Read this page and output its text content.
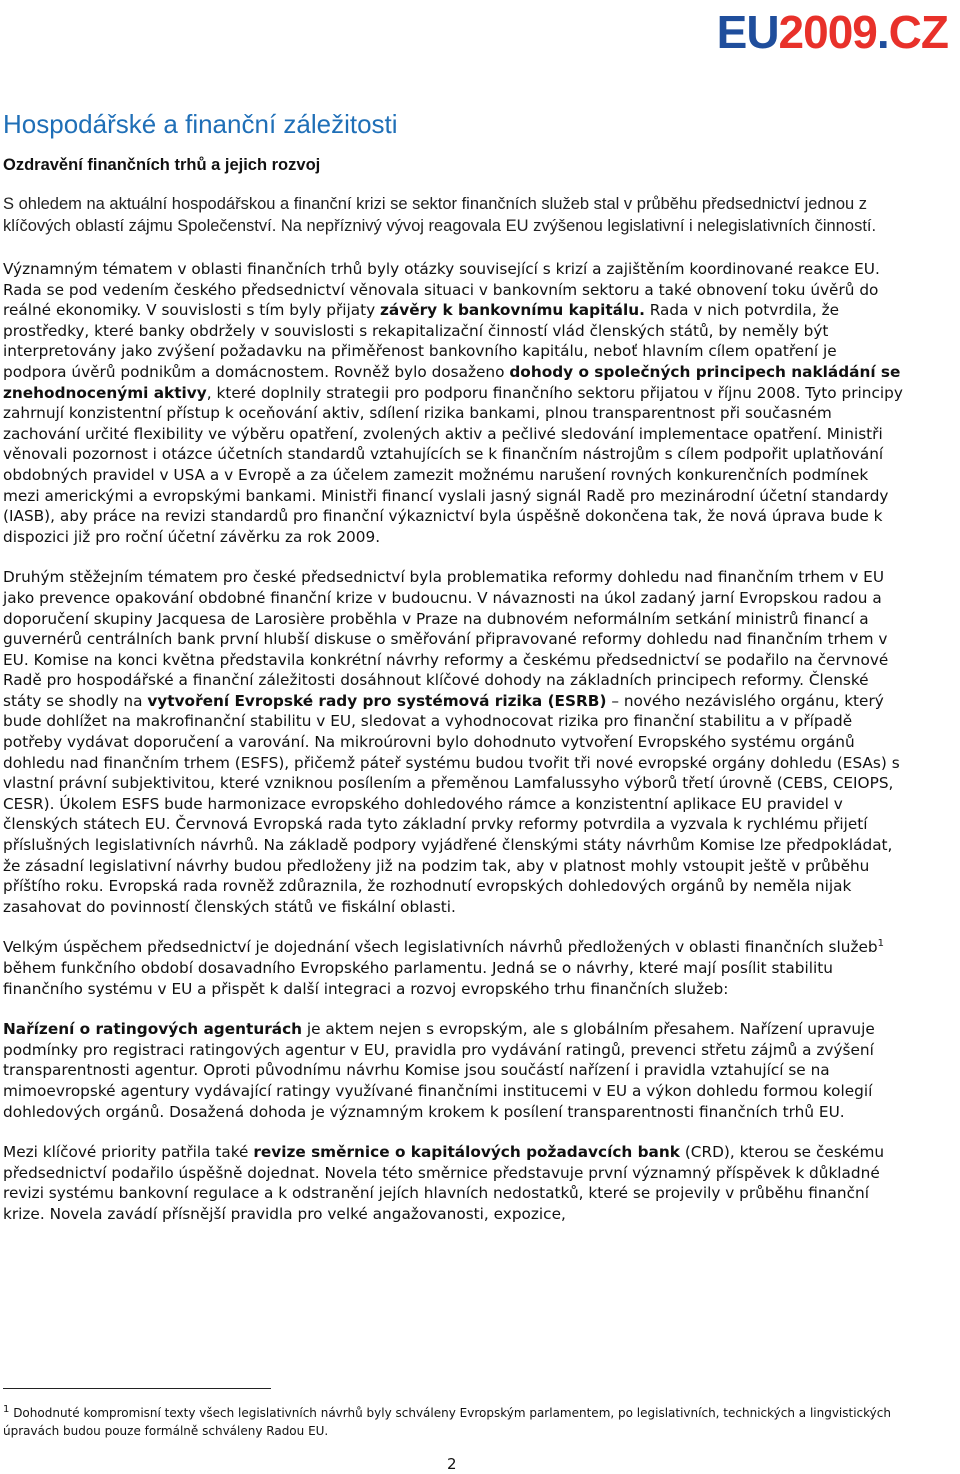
EU2009.CZ
Hospodářské a finanční záležitosti
Ozdravění finančních trhů a jejich rozvoj

S ohledem na aktuální hospodářskou a finanční krizi se sektor finančních služeb stal v průběhu předsednictví jednou z klíčových oblastí zájmu Společenství. Na nepříznivý vývoj reagovala EU zvýšenou legislativní i nelegislativních činností.

Významným tématem v oblasti finančních trhů byly otázky související s krizí a zajištěním koordinované reakce EU. Rada se pod vedením českého předsednictví věnovala situaci v bankovním sektoru a také obnovení toku úvěrů do reálné ekonomiky. V souvislosti s tím byly přijaty závěry k bankovnímu kapitálu. Rada v nich potvrdila, že prostředky, které banky obdržely v souvislosti s rekapitalizační činností vlád členských států, by neměly být interpretovány jako zvýšení požadavku na přiměřenost bankovního kapitálu, neboť hlavním cílem opatření je podpora úvěrů podnikům a domácnostem. Rovněž bylo dosaženo dohody o společných principech nakládání se znehodnocenými aktivy, které doplnily strategii pro podporu finančního sektoru přijatou v říjnu 2008. Tyto principy zahrnují konzistentní přístup k oceňování aktiv, sdílení rizika bankami, plnou transparentnost při současném zachování určité flexibility ve výběru opatření, zvolených aktiv a pečlivé sledování implementace opatření. Ministři věnovali pozornost i otázce účetních standardů vztahujících se k finančním nástrojům s cílem podpořit uplatňování obdobných pravidel v USA a v Evropě a za účelem zamezit možnému narušení rovných konkurenčních podmínek mezi americkými a evropskými bankami. Ministři financí vyslali jasný signál Radě pro mezinárodní účetní standardy (IASB), aby práce na revizi standardů pro finanční výkaznictví byla úspěšně dokončena tak, že nová úprava bude k dispozici již pro roční účetní závěrku za rok 2009.

Druhým stěžejním tématem pro české předsednictví byla problematika reformy dohledu nad finančním trhem v EU jako prevence opakování obdobné finanční krize v budoucnu. V návaznosti na úkol zadaný jarní Evropskou radou a doporučení skupiny Jacquesa de Larosière proběhla v Praze na dubnovém neformálním setkání ministrů financí a guvernérů centrálních bank první hlubší diskuse o směřování připravované reformy dohledu nad finančním trhem v EU. Komise na konci května představila konkrétní návrhy reformy a českému předsednictví se podařilo na červnové Radě pro hospodářské a finanční záležitosti dosáhnout klíčové dohody na základních principech reformy. Členské státy se shodly na vytvoření Evropské rady pro systémová rizika (ESRB) – nového nezávislého orgánu, který bude dohlížet na makrofinanční stabilitu v EU, sledovat a vyhodnocovat rizika pro finanční stabilitu a v případě potřeby vydávat doporučení a varování. Na mikroúrovni bylo dohodnuto vytvoření Evropského systému orgánů dohledu nad finančním trhem (ESFS), přičemž páteř systému budou tvořit tři nové evropské orgány dohledu (ESAs) s vlastní právní subjektivitou, které vzniknou posílením a přeměnou Lamfalussyho výborů třetí úrovně (CEBS, CEIOPS, CESR). Úkolem ESFS bude harmonizace evropského dohledového rámce a konzistentní aplikace EU pravidel v členských státech EU. Červnová Evropská rada tyto základní prvky reformy potvrdila a vyzvala k rychlému přijetí příslušných legislativních návrhů. Na základě podpory vyjádřené členskými státy návrhům Komise lze předpokládat, že zásadní legislativní návrhy budou předloženy již na podzim tak, aby v platnost mohly vstoupit ještě v průběhu příštího roku. Evropská rada rovněž zdůraznila, že rozhodnutí evropských dohledových orgánů by neměla nijak zasahovat do povinností členských států ve fiskální oblasti.

Velkým úspěchem předsednictví je dojednání všech legislativních návrhů předložených v oblasti finančních služeb$^1$ během funkčního období dosavadního Evropského parlamentu. Jedná se o návrhy, které mají posílit stabilitu finančního systému v EU a přispět k další integraci a rozvoj evropského trhu finančních služeb:

Nařízení o ratingových agenturách je aktem nejen s evropským, ale s globálním přesahem. Nařízení upravuje podmínky pro registraci ratingových agentur v EU, pravidla pro vydávání ratingů, prevenci střetu zájmů a zvýšení transparentnosti agentur. Oproti původnímu návrhu Komise jsou součástí nařízení i pravidla vztahující se na mimoevropské agentury vydávající ratingy využívané finančními institucemi v EU a výkon dohledu formou kolegií dohledových orgánů. Dosažená dohoda je významným krokem k posílení transparentnosti finančních trhů EU.

Mezi klíčové priority patřila také revize směrnice o kapitálových požadavcích bank (CRD), kterou se českému předsednictví podařilo úspěšně dojednat. Novela této směrnice představuje první významný příspěvek k důkladné revizi systému bankovní regulace a k odstranění jejích hlavních nedostatků, které se projevily v průběhu finanční krize. Novela zavádí přísnější pravidla pro velké angažovanosti, expozice,

$^1$ Dohodnuté kompromisní texty všech legislativních návrhů byly schváleny Evropským parlamentem, po legislativních, technických a lingvistických úpravách budou pouze formálně schváleny Radou EU.

2
